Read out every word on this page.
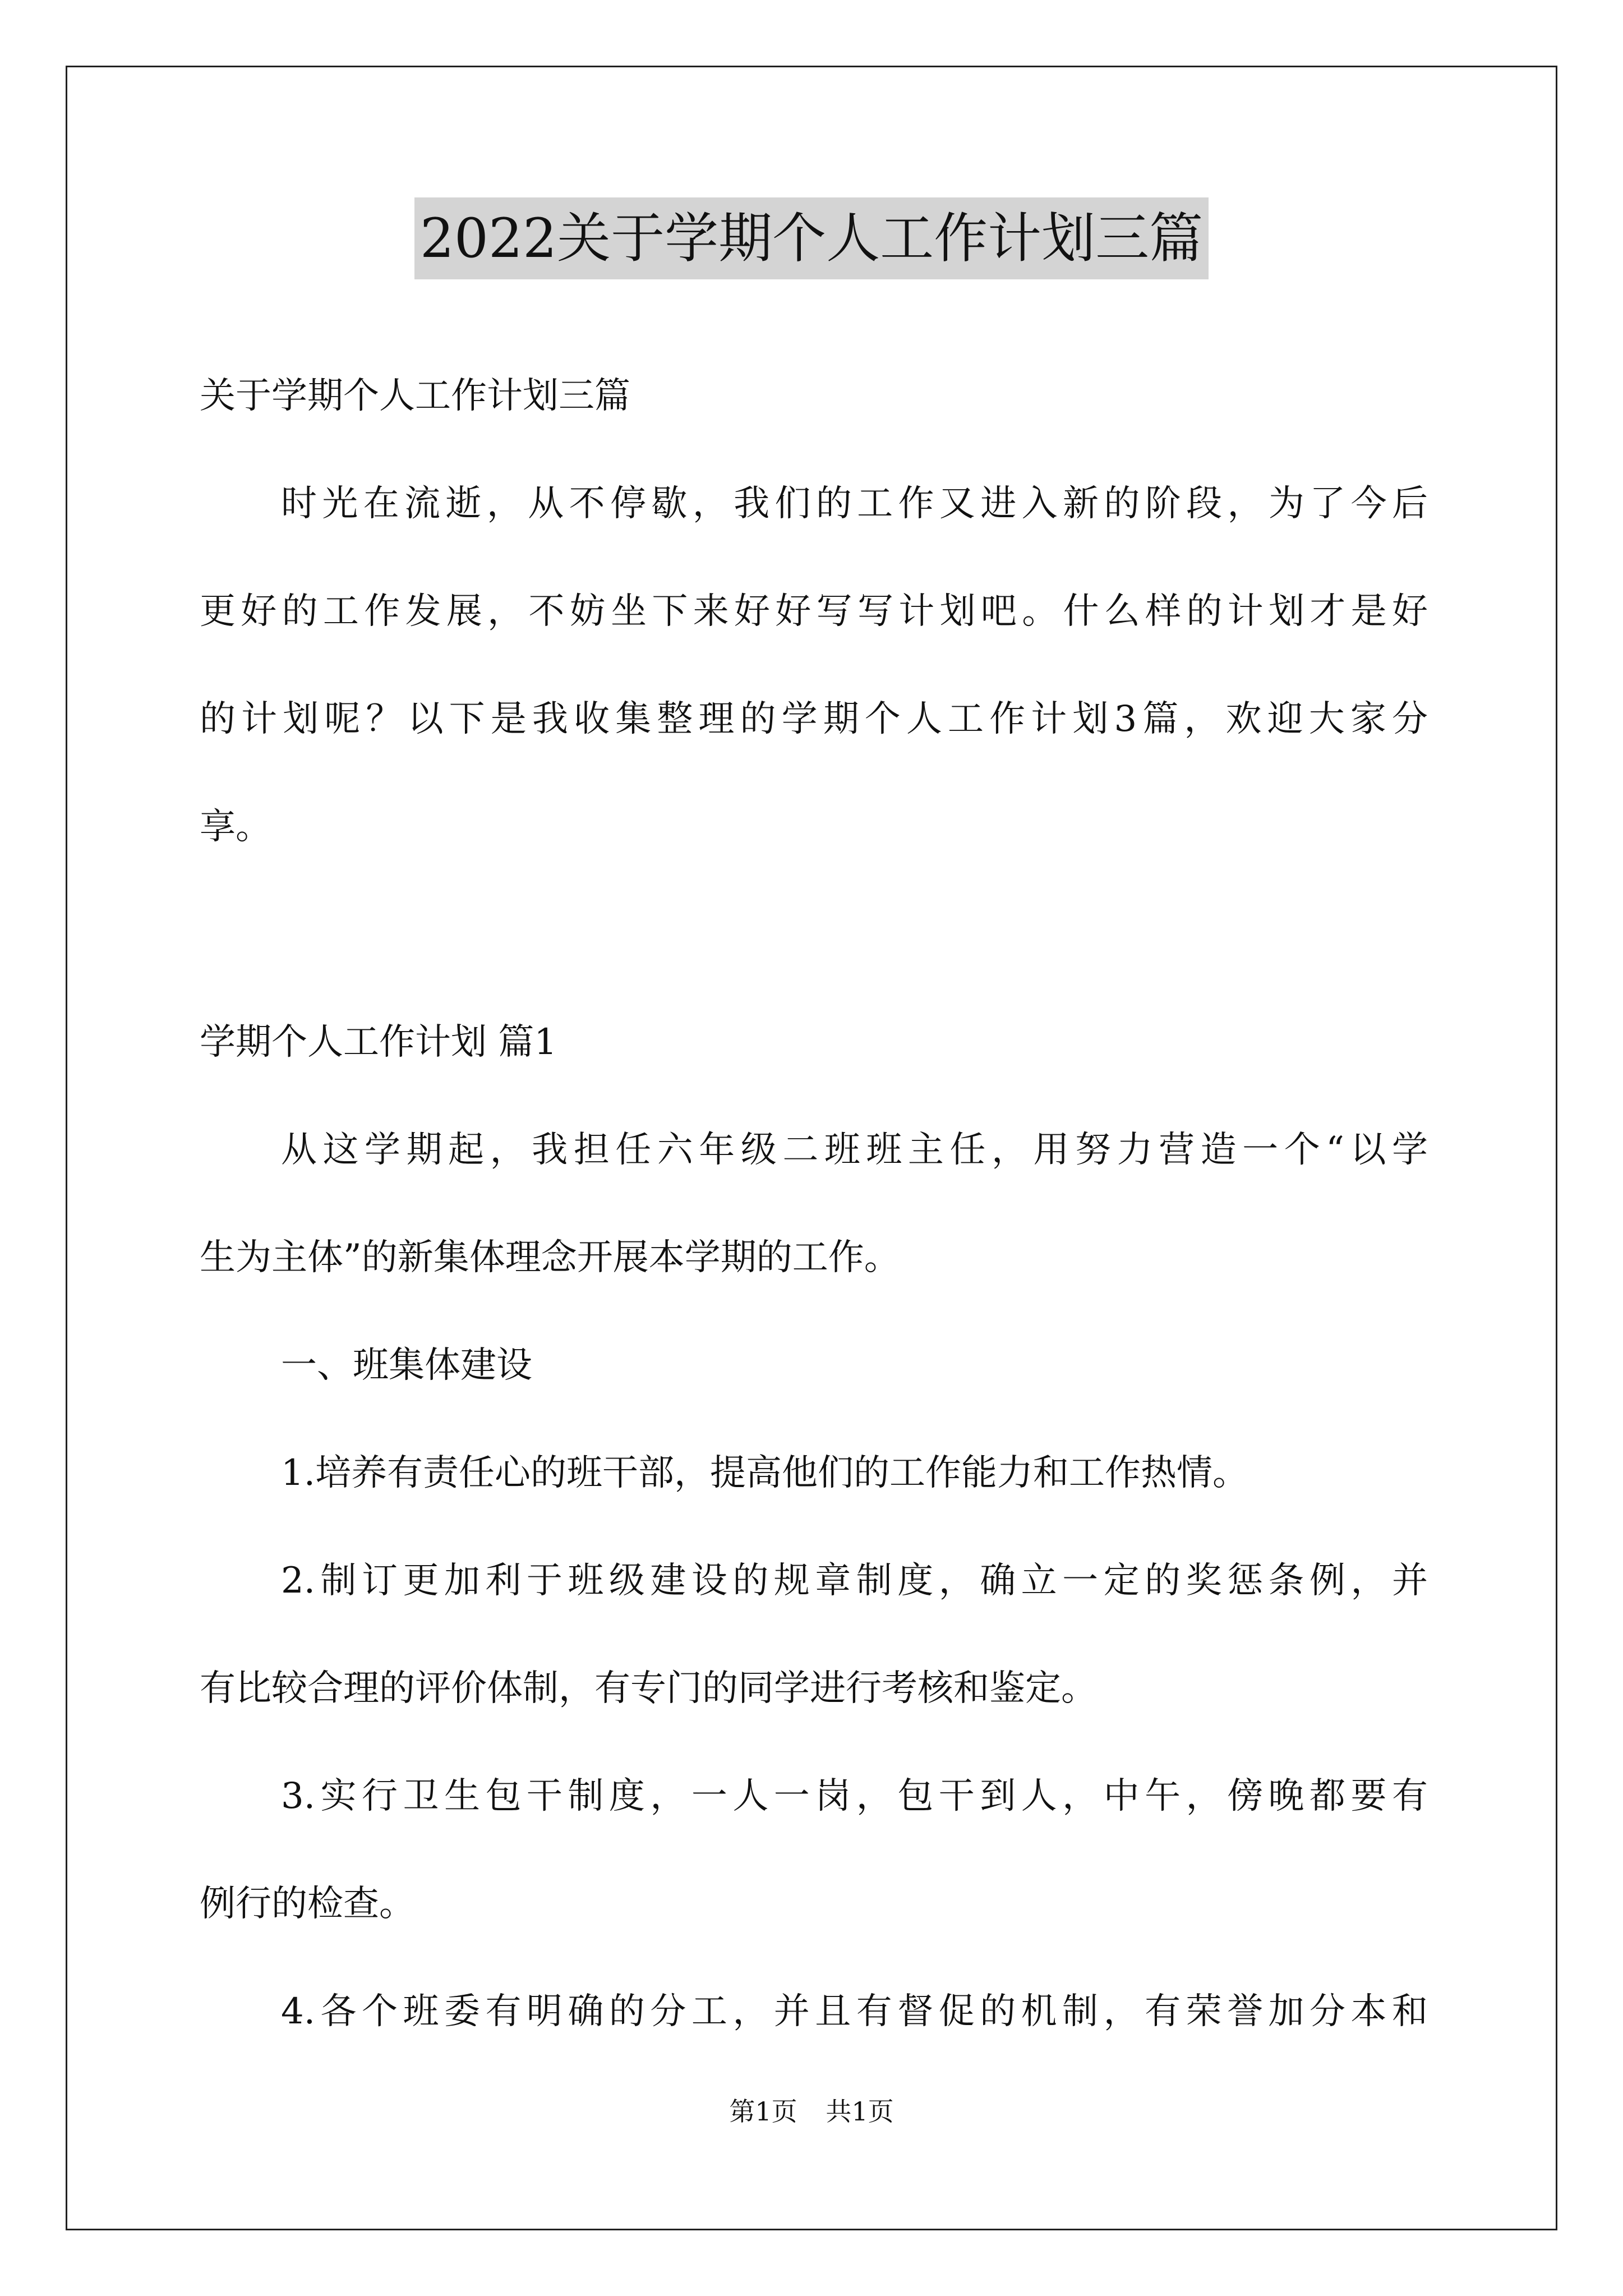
2022关于学期个人工作计划三篇
关于学期个人工作计划三篇
时光在流逝，从不停歇，我们的工作又进入新的阶段，为了今后
更好的工作发展，不妨坐下来好好写写计划吧。什么样的计划才是好
的计划呢？以下是我收集整理的学期个人工作计划3篇，欢迎大家分
享。
学期个人工作计划 篇1
从这学期起，我担任六年级二班班主任，用努力营造一个“以学
生为主体”的新集体理念开展本学期的工作。
一、班集体建设
1.培养有责任心的班干部，提高他们的工作能力和工作热情。
2.制订更加利于班级建设的规章制度，确立一定的奖惩条例，并
有比较合理的评价体制，有专门的同学进行考核和鉴定。
3.实行卫生包干制度，一人一岗，包干到人，中午，傍晚都要有
例行的检查。
4.各个班委有明确的分工，并且有督促的机制，有荣誉加分本和
第1页 共1页
